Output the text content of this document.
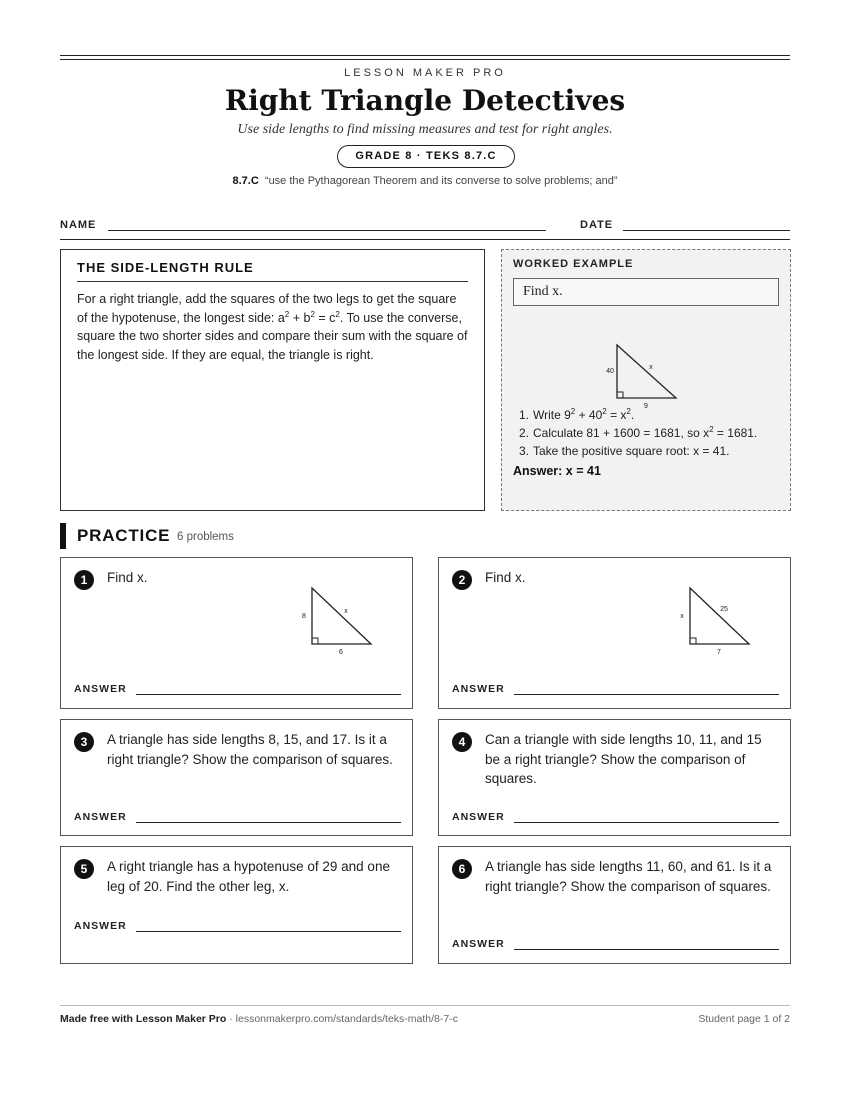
LESSON MAKER PRO
Right Triangle Detectives
Use side lengths to find missing measures and test for right angles.
GRADE 8 · TEKS 8.7.C
8.7.C “use the Pythagorean Theorem and its converse to solve problems; and”
NAME	DATE
THE SIDE-LENGTH RULE

For a right triangle, add the squares of the two legs to get the square of the hypotenuse, the longest side: $a^2 + b^2 = c^2$. To use the converse, square the two shorter sides and compare their sum with the square of the longest side. If they are equal, the triangle is right.

WORKED EXAMPLE
Find x.
40
9
x
1. Write $9^2 + 40^2 = x^2$.
2. Calculate 81 + 1600 = 1681, so $x^2 = 1681$.
3. Take the positive square root: x = 41.
Answer: x = 41
PRACTICE 6 problems
1	Find x.
8
6
x
ANSWER
2	Find x.
x
7
25
ANSWER
3	A triangle has side lengths 8, 15, and 17. Is it a right triangle? Show the comparison of squares.
ANSWER
4	Can a triangle with side lengths 10, 11, and 15 be a right triangle? Show the comparison of squares.
ANSWER
5	A right triangle has a hypotenuse of 29 and one leg of 20. Find the other leg, x.
ANSWER
6	A triangle has side lengths 11, 60, and 61. Is it a right triangle? Show the comparison of squares.
ANSWER
Made free with Lesson Maker Pro · lessonmakerpro.com/standards/teks-math/8-7-c	Student page 1 of 2
